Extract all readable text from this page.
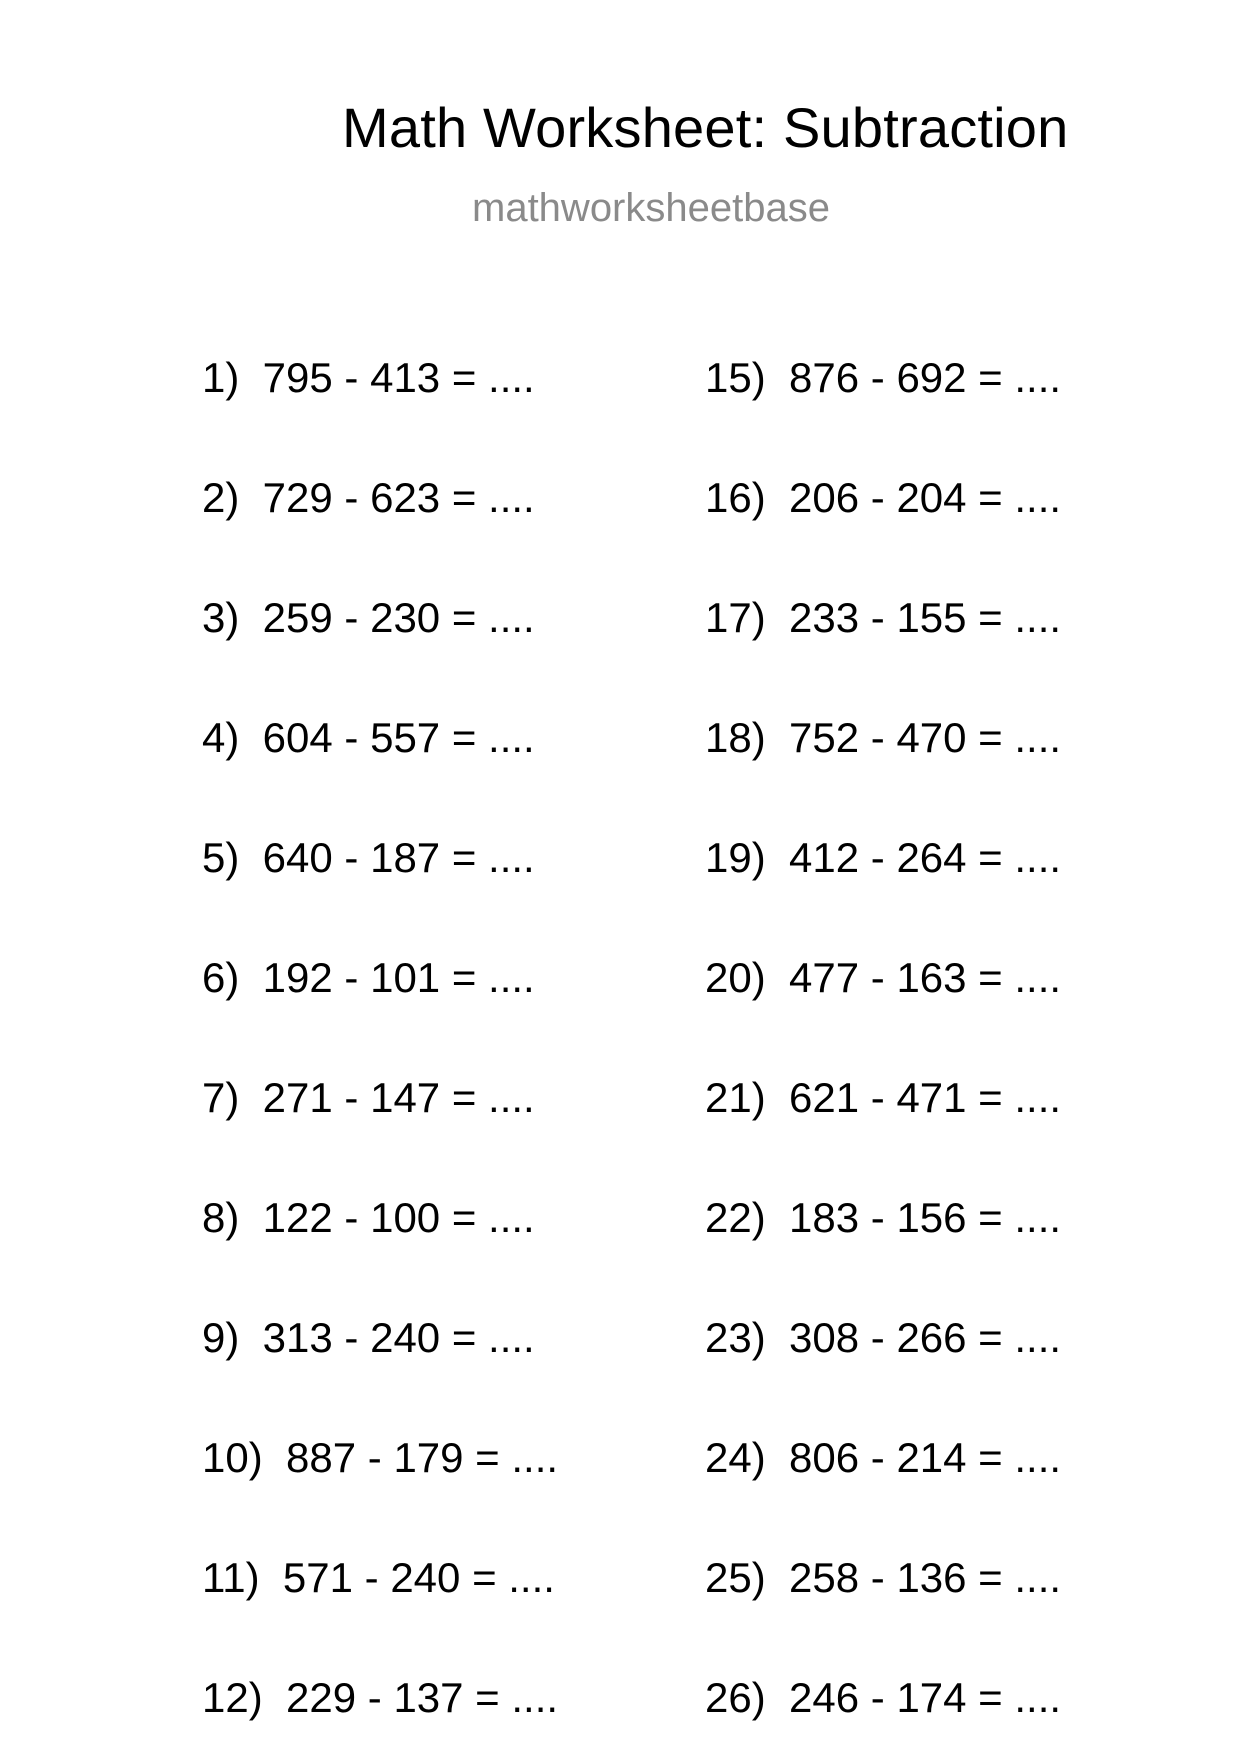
Math Worksheet: Subtraction
mathworksheetbase
1)  795 - 413 = ....
2)  729 - 623 = ....
3)  259 - 230 = ....
4)  604 - 557 = ....
5)  640 - 187 = ....
6)  192 - 101 = ....
7)  271 - 147 = ....
8)  122 - 100 = ....
9)  313 - 240 = ....
10)  887 - 179 = ....
11)  571 - 240 = ....
12)  229 - 137 = ....
15)  876 - 692 = ....
16)  206 - 204 = ....
17)  233 - 155 = ....
18)  752 - 470 = ....
19)  412 - 264 = ....
20)  477 - 163 = ....
21)  621 - 471 = ....
22)  183 - 156 = ....
23)  308 - 266 = ....
24)  806 - 214 = ....
25)  258 - 136 = ....
26)  246 - 174 = ....
